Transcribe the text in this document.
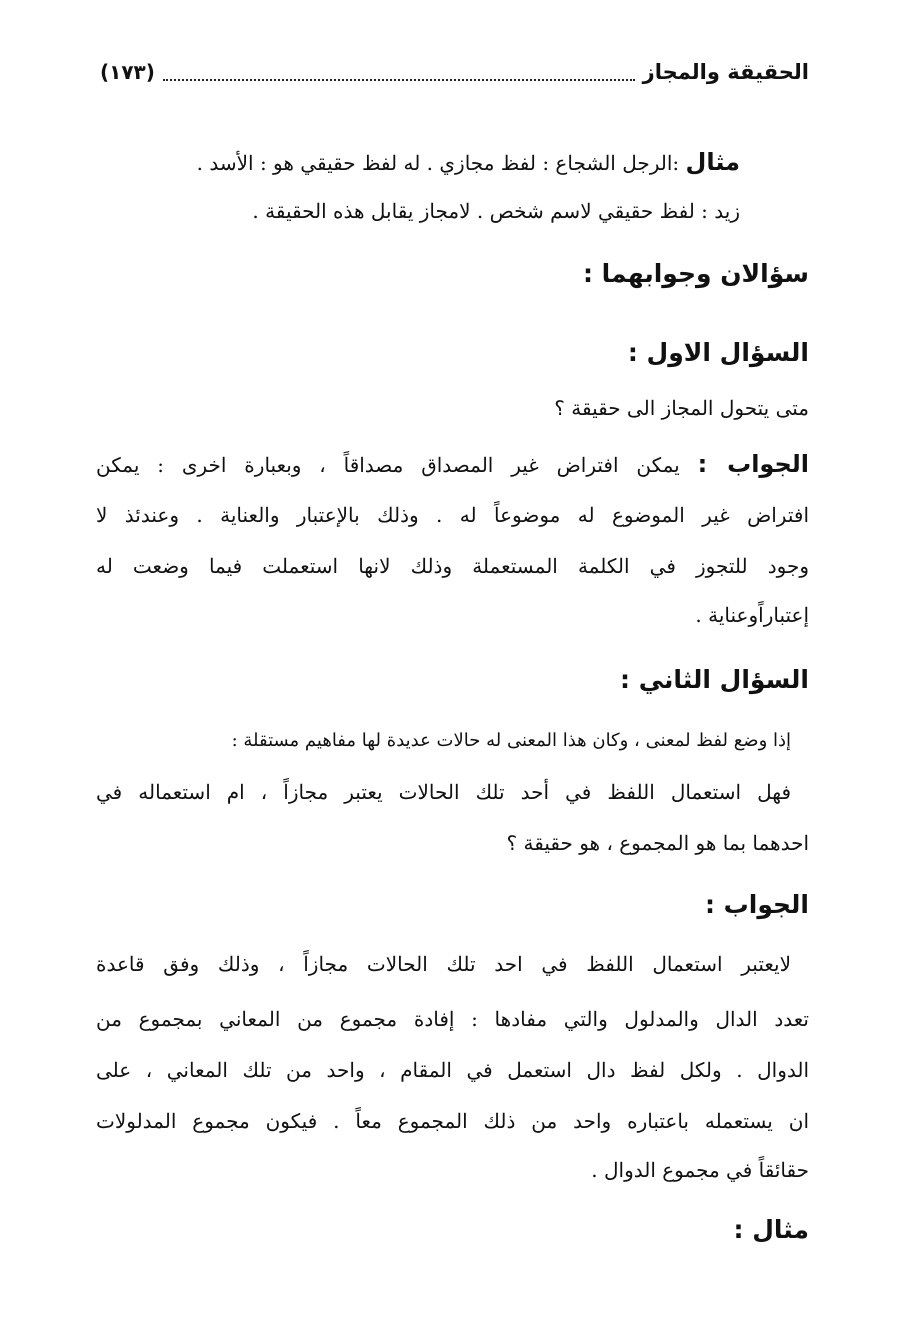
الحقيقة والمجاز
(١٧٣)
مثال :الرجل الشجاع : لفظ مجازي . له لفظ حقيقي هو : الأسد .
زيد : لفظ حقيقي لاسم شخص . لامجاز يقابل هذه الحقيقة .
سؤالان وجوابهما :
السؤال الاول :
متى يتحول المجاز الى حقيقة ؟
الجواب : يمكن افتراض غير المصداق مصداقاً ، وبعبارة اخرى : يمكن
افتراض غير الموضوع له موضوعاً له . وذلك بالإعتبار والعناية . وعندئذ لا
وجود للتجوز في الكلمة المستعملة وذلك لانها استعملت فيما وضعت له
إعتباراًوعناية .
السؤال الثاني :
إذا وضع لفظ لمعنى ، وكان هذا المعنى له حالات عديدة لها مفاهيم مستقلة :
فهل استعمال اللفظ في أحد تلك الحالات يعتبر مجازاً ، ام استعماله في
احدهما بما هو المجموع ، هو حقيقة ؟
الجواب :
لايعتبر استعمال اللفظ في احد تلك الحالات مجازاً ، وذلك وفق قاعدة
تعدد الدال والمدلول والتي مفادها : إفادة مجموع من المعاني بمجموع من
الدوال . ولكل لفظ دال استعمل في المقام ، واحد من تلك المعاني ، على
ان يستعمله باعتباره واحد من ذلك المجموع معاً . فيكون مجموع المدلولات
حقائقاً في مجموع الدوال .
مثال :
